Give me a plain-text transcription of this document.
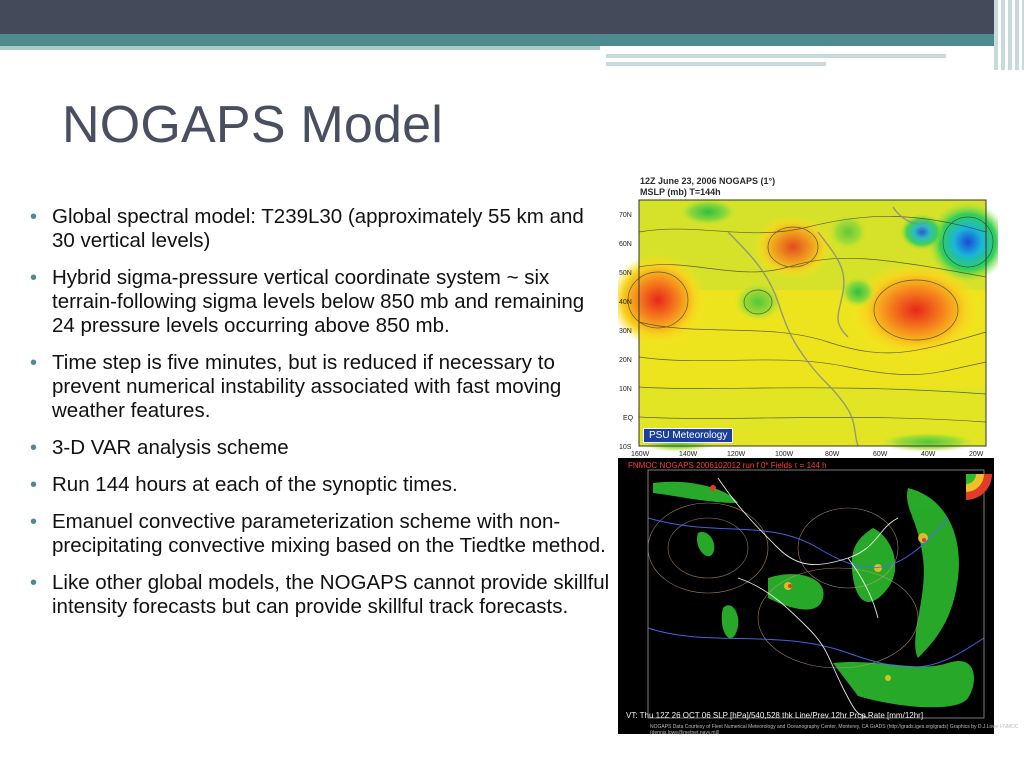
NOGAPS Model
• Global spectral model: T239L30 (approximately 55 km and 30 vertical levels)
• Hybrid sigma-pressure vertical coordinate system ~ six terrain-following sigma levels below 850 mb and remaining 24 pressure levels occurring above 850 mb.
• Time step is five minutes, but is reduced if necessary to prevent numerical instability associated with fast moving weather features.
• 3-D VAR analysis scheme
• Run 144 hours at each of the synoptic times.
• Emanuel convective parameterization scheme with non-precipitating convective mixing based on the Tiedtke method.
• Like other global models, the NOGAPS cannot provide skillful intensity forecasts but can provide skillful track forecasts.
70N
60N
50N
40N
30N
20N
10N
EQ
10S
160W	140W	120W	100W	80W	60W	40W	20W
12Z June 23, 2006 NOGAPS (1°)
MSLP (mb) T=144h
PSU Meteorology
FNMOC NOGAPS 2006102012 run f 0* Fields τ = 144 h
VT: Thu 12Z 26 OCT 06 SLP [hPa]/540,528 thk Line/Prev 12hr Prcp Rate [mm/12hr]
NOGAPS Data Courtesy of Fleet Numerical Meteorology and Oceanography Center, Monterey, CA GrADS (http://grads.iges.org/grads) Graphics by D.J.Lowe FNMOC (dennis.lowe@metnet.navy.mil)
